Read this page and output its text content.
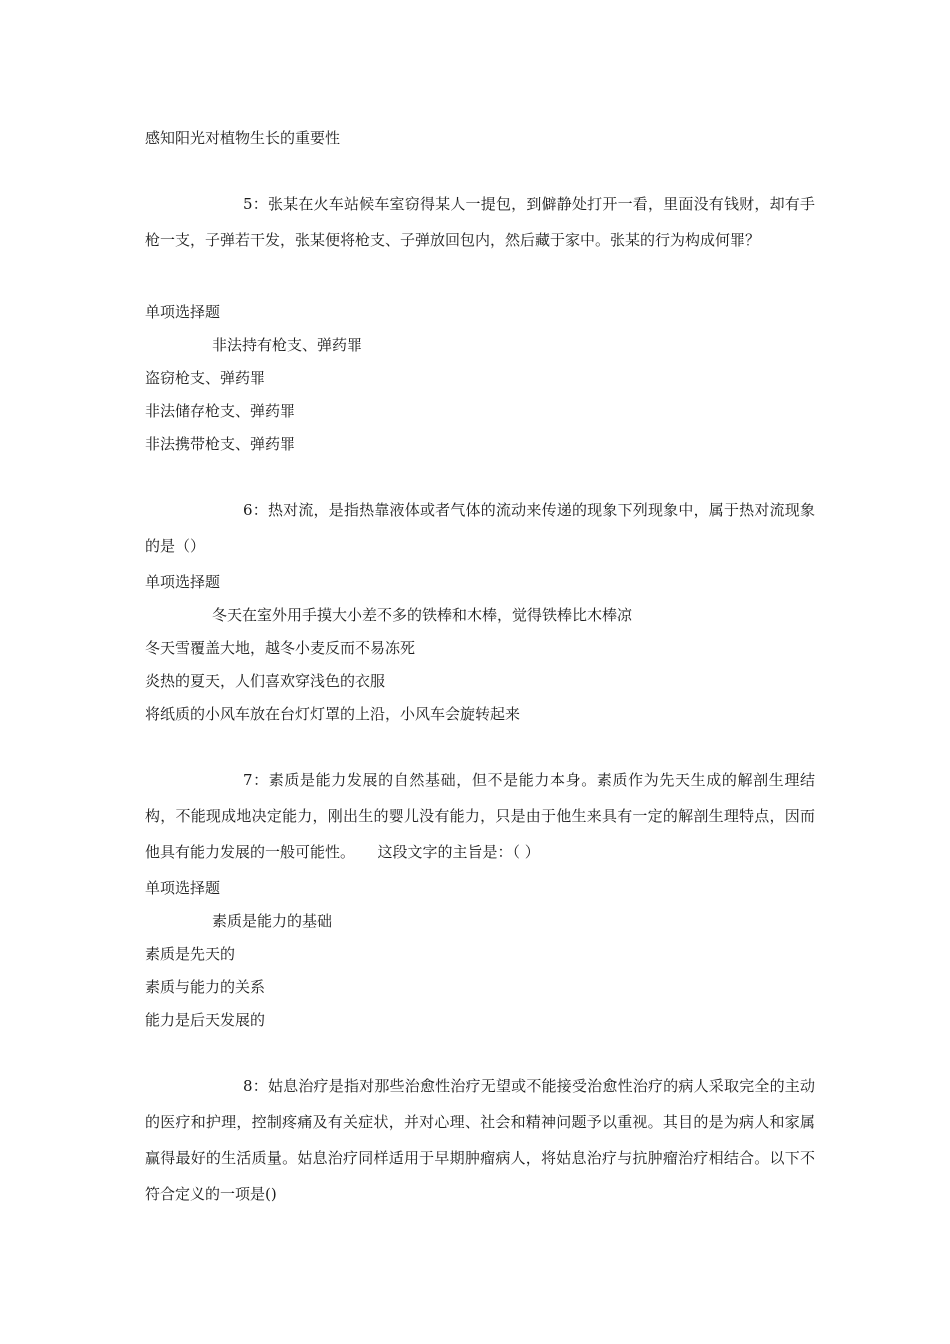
感知阳光对植物生长的重要性
5：张某在火车站候车室窃得某人一提包，到僻静处打开一看，里面没有钱财，却有手枪一支，子弹若干发，张某便将枪支、子弹放回包内，然后藏于家中。张某的行为构成何罪？
单项选择题
非法持有枪支、弹药罪
盗窃枪支、弹药罪
非法储存枪支、弹药罪
非法携带枪支、弹药罪
6：热对流，是指热靠液体或者气体的流动来传递的现象下列现象中，属于热对流现象的是（）
单项选择题
冬天在室外用手摸大小差不多的铁棒和木棒，觉得铁棒比木棒凉
冬天雪覆盖大地，越冬小麦反而不易冻死
炎热的夏天，人们喜欢穿浅色的衣服
将纸质的小风车放在台灯灯罩的上沿，小风车会旋转起来
7：素质是能力发展的自然基础，但不是能力本身。素质作为先天生成的解剖生理结构，不能现成地决定能力，刚出生的婴儿没有能力，只是由于他生来具有一定的解剖生理特点，因而他具有能力发展的一般可能性。　　这段文字的主旨是：（ ）
单项选择题
素质是能力的基础
素质是先天的
素质与能力的关系
能力是后天发展的
8：姑息治疗是指对那些治愈性治疗无望或不能接受治愈性治疗的病人采取完全的主动的医疗和护理，控制疼痛及有关症状，并对心理、社会和精神问题予以重视。其目的是为病人和家属赢得最好的生活质量。姑息治疗同样适用于早期肿瘤病人，将姑息治疗与抗肿瘤治疗相结合。以下不符合定义的一项是()
